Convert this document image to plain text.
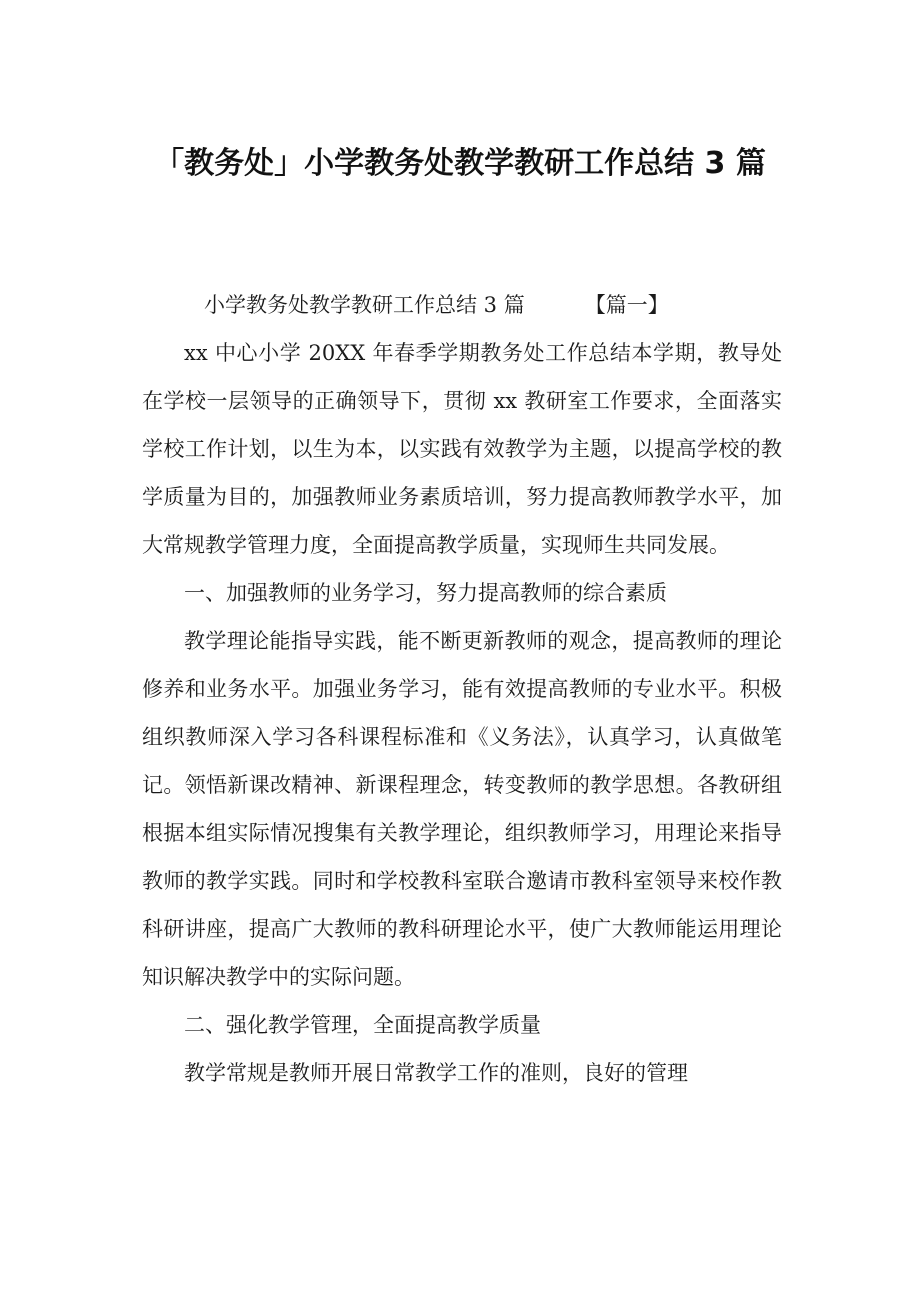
「教务处」小学教务处教学教研工作总结 3 篇

小学教务处教学教研工作总结 3 篇	【篇一】

xx 中心小学 20XX 年春季学期教务处工作总结本学期，教导处在学校一层领导的正确领导下，贯彻 xx 教研室工作要求，全面落实学校工作计划，以生为本，以实践有效教学为主题，以提高学校的教学质量为目的，加强教师业务素质培训，努力提高教师教学水平，加大常规教学管理力度，全面提高教学质量，实现师生共同发展。

一、加强教师的业务学习，努力提高教师的综合素质

教学理论能指导实践，能不断更新教师的观念，提高教师的理论修养和业务水平。加强业务学习，能有效提高教师的专业水平。积极组织教师深入学习各科课程标准和《义务法》，认真学习，认真做笔记。领悟新课改精神、新课程理念，转变教师的教学思想。各教研组根据本组实际情况搜集有关教学理论，组织教师学习，用理论来指导教师的教学实践。同时和学校教科室联合邀请市教科室领导来校作教科研讲座，提高广大教师的教科研理论水平，使广大教师能运用理论知识解决教学中的实际问题。

二、强化教学管理，全面提高教学质量

教学常规是教师开展日常教学工作的准则，良好的管理
